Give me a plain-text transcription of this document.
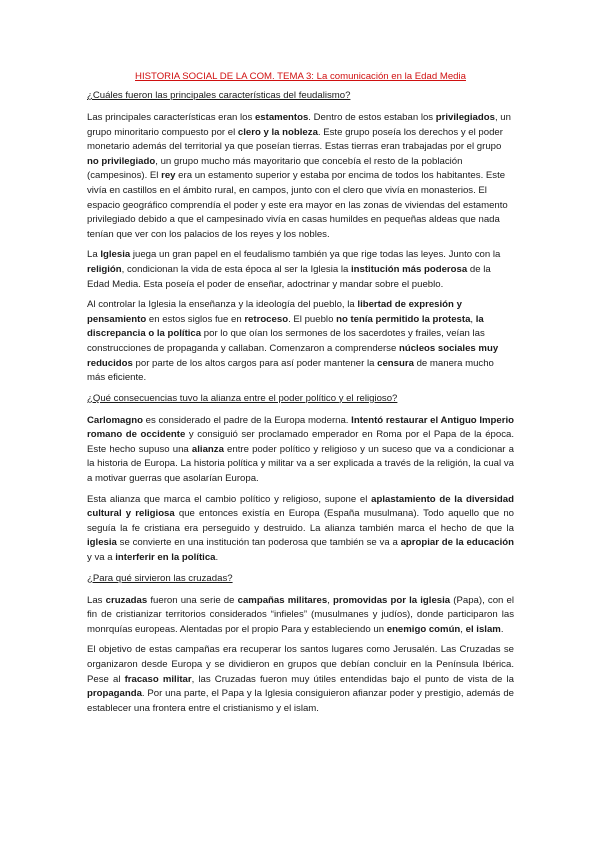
HISTORIA SOCIAL DE LA COM. TEMA 3: La comunicación en la Edad Media
¿Cuáles fueron las principales características del feudalismo?

Las principales características eran los estamentos. Dentro de estos estaban los privilegiados, un grupo minoritario compuesto por el clero y la nobleza. Este grupo poseía los derechos y el poder monetario además del territorial ya que poseían tierras. Estas tierras eran trabajadas por el grupo no privilegiado, un grupo mucho más mayoritario que concebía el resto de la población (campesinos). El rey era un estamento superior y estaba por encima de todos los habitantes. Este vivía en castillos en el ámbito rural, en campos, junto con el clero que vivía en monasterios. El espacio geográfico comprendía el poder y este era mayor en las zonas de viviendas del estamento privilegiado debido a que el campesinado vivía en casas humildes en pequeñas aldeas que nada tenían que ver con los palacios de los reyes y los nobles.

La Iglesia juega un gran papel en el feudalismo también ya que rige todas las leyes. Junto con la religión, condicionan la vida de esta época al ser la Iglesia la institución más poderosa de la Edad Media. Esta poseía el poder de enseñar, adoctrinar y mandar sobre el pueblo.

Al controlar la Iglesia la enseñanza y la ideología del pueblo, la libertad de expresión y pensamiento en estos siglos fue en retroceso. El pueblo no tenía permitido la protesta, la discrepancia o la política por lo que oían los sermones de los sacerdotes y frailes, veían las construcciones de propaganda y callaban. Comenzaron a comprenderse núcleos sociales muy reducidos por parte de los altos cargos para así poder mantener la censura de manera mucho más eficiente.

¿Qué consecuencias tuvo la alianza entre el poder político y el religioso?

Carlomagno es considerado el padre de la Europa moderna. Intentó restaurar el Antiguo Imperio romano de occidente y consiguió ser proclamado emperador en Roma por el Papa de la época. Este hecho supuso una alianza entre poder político y religioso y un suceso que va a condicionar a la historia de Europa. La historia política y militar va a ser explicada a través de la religión, la cual va a motivar guerras que asolarían Europa.

Esta alianza que marca el cambio político y religioso, supone el aplastamiento de la diversidad cultural y religiosa que entonces existía en Europa (España musulmana). Todo aquello que no seguía la fe cristiana era perseguido y destruido. La alianza también marca el hecho de que la iglesia se convierte en una institución tan poderosa que también se va a apropiar de la educación y va a interferir en la política.

¿Para qué sirvieron las cruzadas?

Las cruzadas fueron una serie de campañas militares, promovidas por la iglesia (Papa), con el fin de cristianizar territorios considerados “infieles” (musulmanes y judíos), donde participaron las monrquías europeas. Alentadas por el propio Para y estableciendo un enemigo común, el islam.

El objetivo de estas campañas era recuperar los santos lugares como Jerusalén. Las Cruzadas se organizaron desde Europa y se dividieron en grupos que debían concluir en la Península Ibérica. Pese al fracaso militar, las Cruzadas fueron muy útiles entendidas bajo el punto de vista de la propaganda. Por una parte, el Papa y la Iglesia consiguieron afianzar poder y prestigio, además de establecer una frontera entre el cristianismo y el islam.
